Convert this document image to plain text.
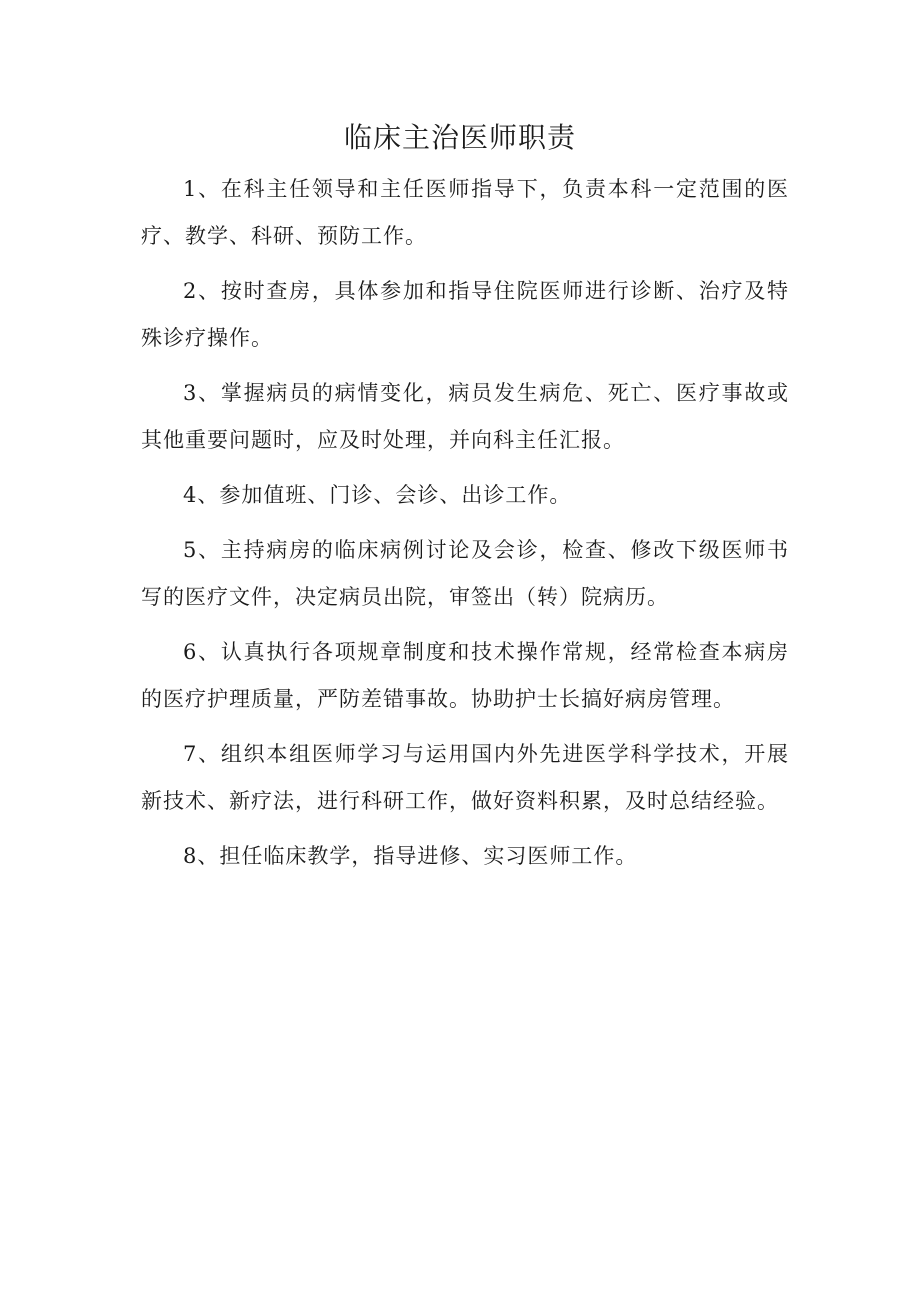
临床主治医师职责

1、在科主任领导和主任医师指导下，负责本科一定范围的医疗、教学、科研、预防工作。

2、按时查房，具体参加和指导住院医师进行诊断、治疗及特殊诊疗操作。

3、掌握病员的病情变化，病员发生病危、死亡、医疗事故或其他重要问题时，应及时处理，并向科主任汇报。

4、参加值班、门诊、会诊、出诊工作。

5、主持病房的临床病例讨论及会诊，检查、修改下级医师书写的医疗文件，决定病员出院，审签出（转）院病历。

6、认真执行各项规章制度和技术操作常规，经常检查本病房的医疗护理质量，严防差错事故。协助护士长搞好病房管理。

7、组织本组医师学习与运用国内外先进医学科学技术，开展新技术、新疗法，进行科研工作，做好资料积累，及时总结经验。

8、担任临床教学，指导进修、实习医师工作。
